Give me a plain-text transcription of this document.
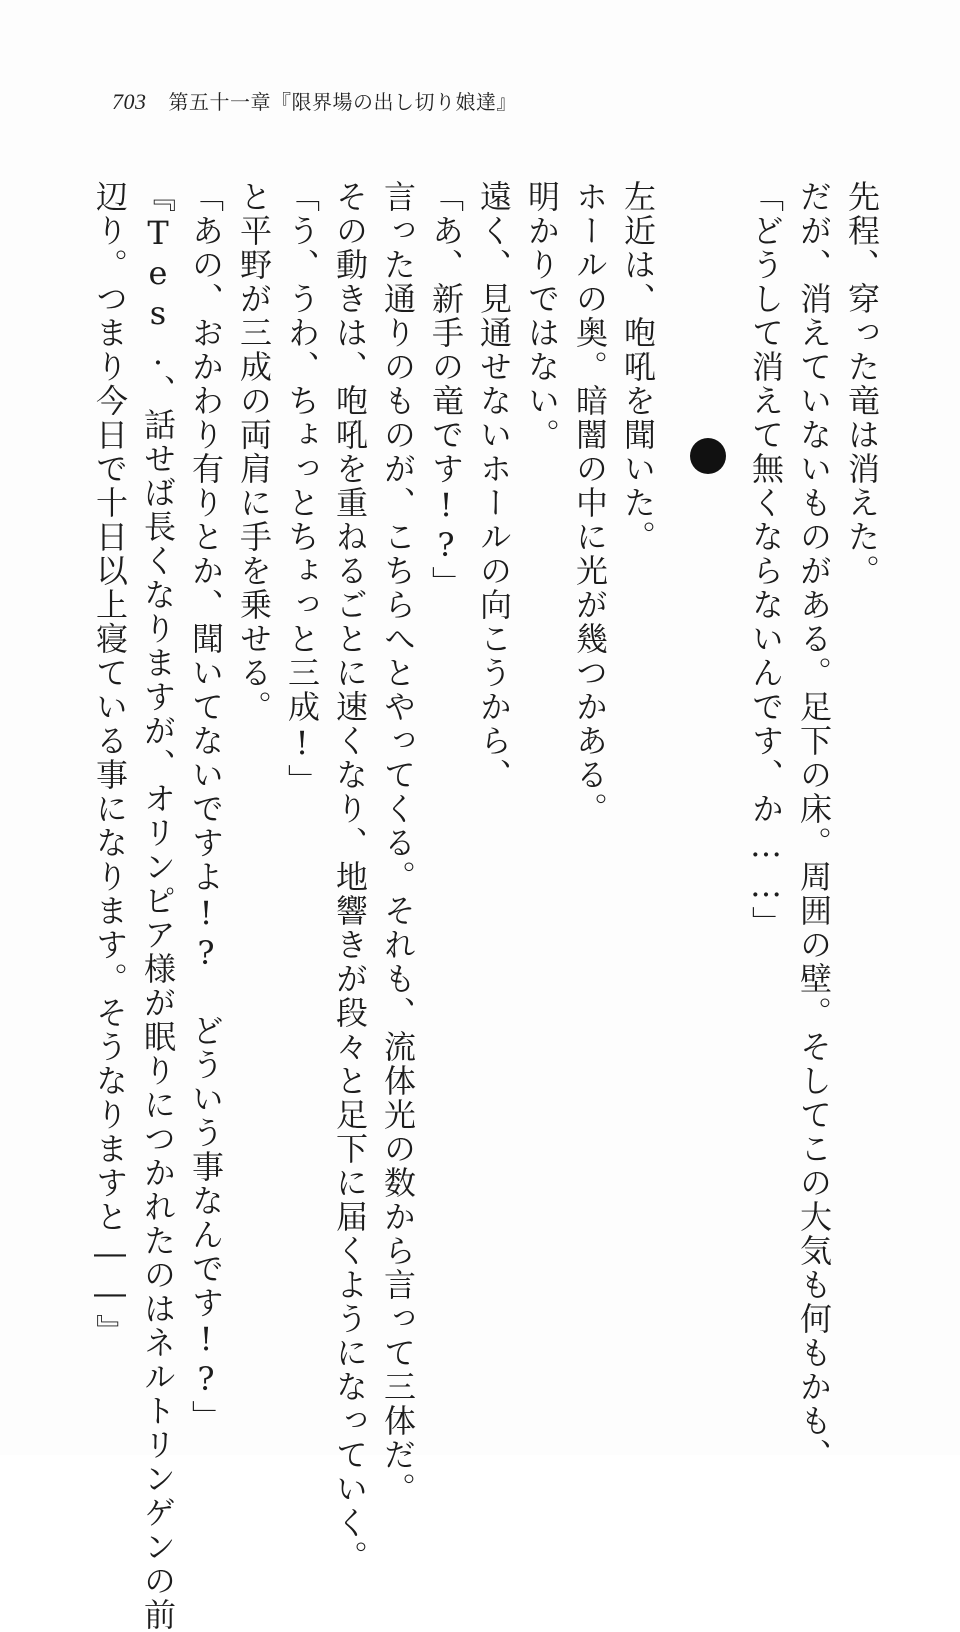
703 第五十一章『限界場の出し切り娘達』
先程、穿った竜は消えた。
だが、消えていないものがある。足下の床。周囲の壁。そしてこの大気も何もかも、
「どうして消えて無くならないんです、か……」
左近は、咆吼を聞いた。
ホールの奥。暗闇の中に光が幾つかある。
明かりではない。
遠く、見通せないホールの向こうから、
「あ、新手の竜です!?」
言った通りのものが、こちらへとやってくる。それも、流体光の数から言って三体だ。
その動きは、咆吼を重ねるごとに速くなり、地響きが段々と足下に届くようになっていく。
「う、うわ、ちょっとちょっと三成!」
と平野が三成の両肩に手を乗せる。
「あの、おかわり有りとか、聞いてないですよ!? どういう事なんです!?」
『Tes.、話せば長くなりますが、オリンピア様が眠りにつかれたのはネルトリンゲンの前
辺り。つまり今日で十日以上寝ている事になります。そうなりますと――』
